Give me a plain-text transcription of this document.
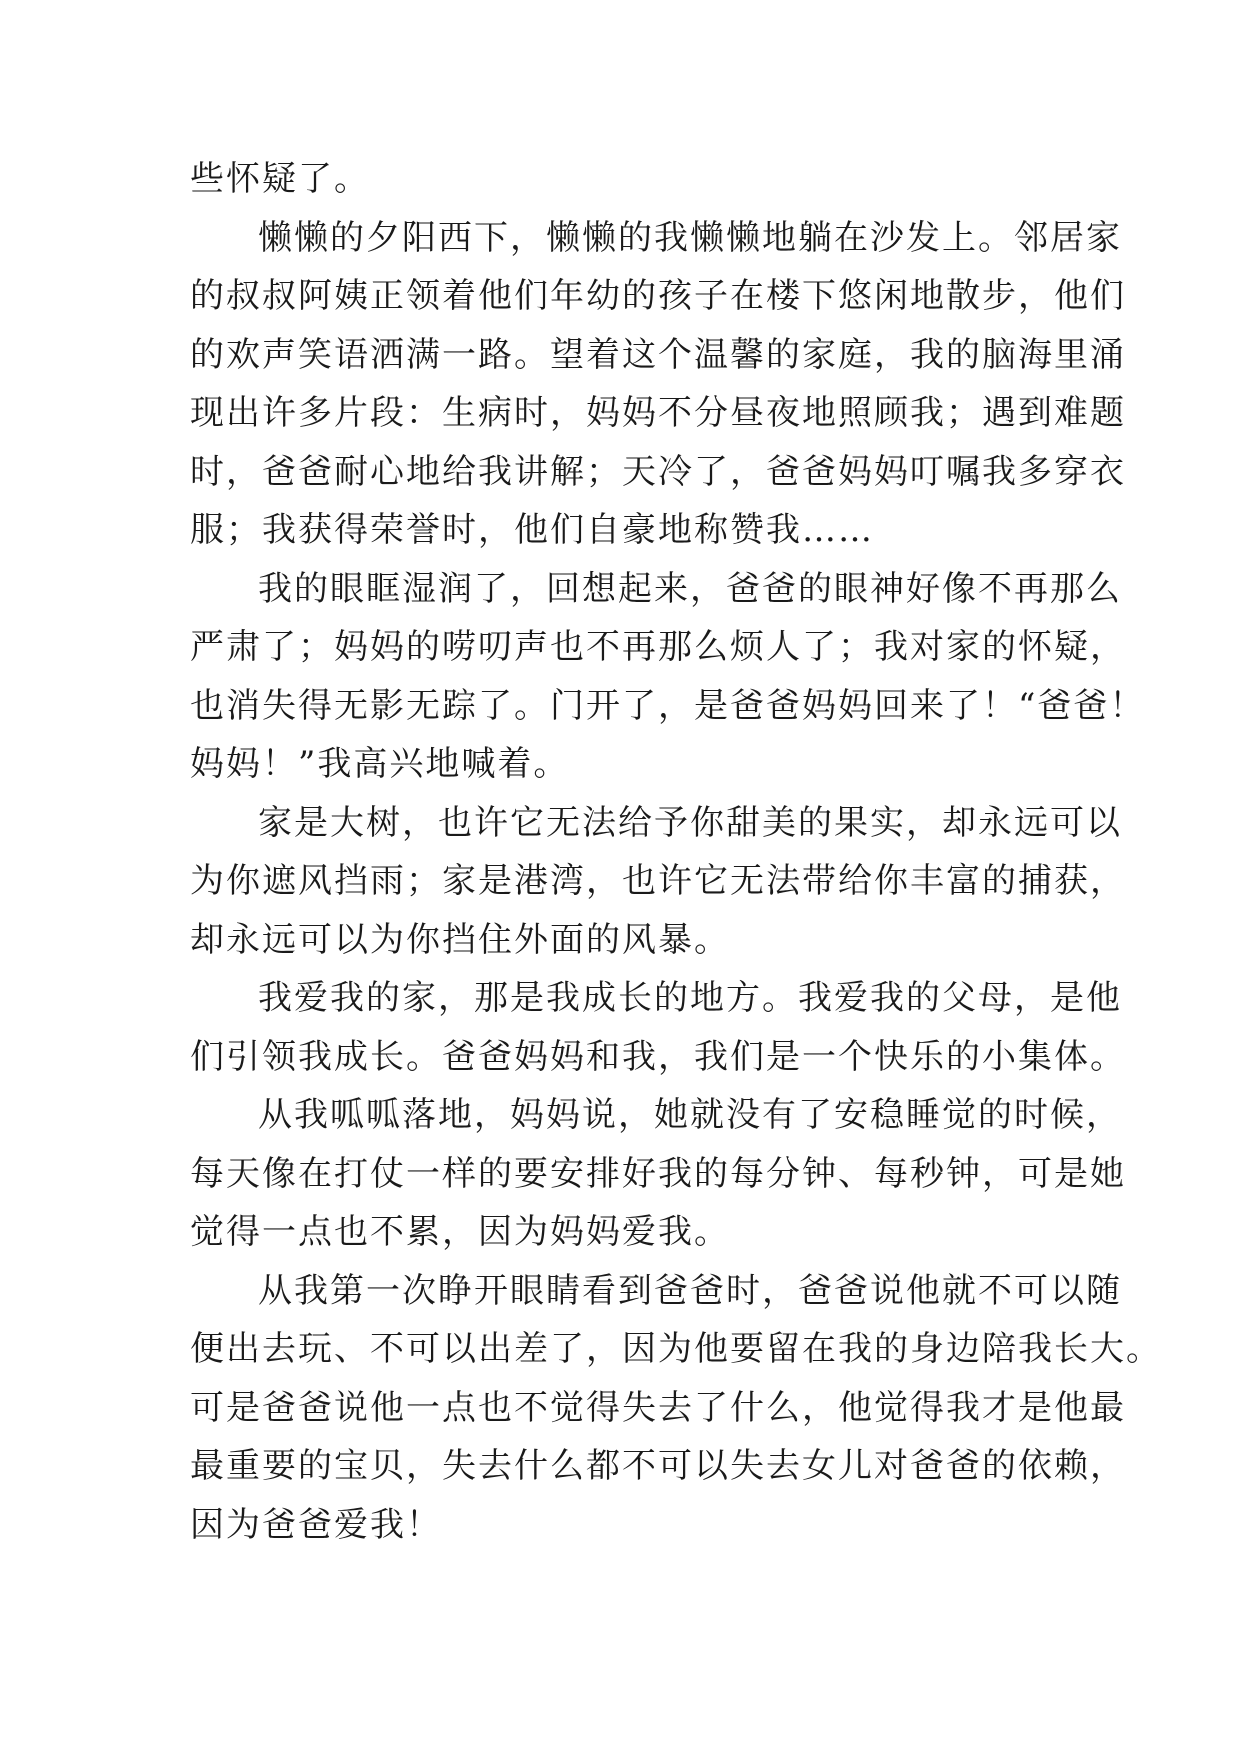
些怀疑了。
懒懒的夕阳西下，懒懒的我懒懒地躺在沙发上。邻居家
的叔叔阿姨正领着他们年幼的孩子在楼下悠闲地散步，他们
的欢声笑语洒满一路。望着这个温馨的家庭，我的脑海里涌
现出许多片段：生病时，妈妈不分昼夜地照顾我；遇到难题
时，爸爸耐心地给我讲解；天冷了，爸爸妈妈叮嘱我多穿衣
服；我获得荣誉时，他们自豪地称赞我……
我的眼眶湿润了，回想起来，爸爸的眼神好像不再那么
严肃了；妈妈的唠叨声也不再那么烦人了；我对家的怀疑，
也消失得无影无踪了。门开了，是爸爸妈妈回来了！“爸爸！
妈妈！”我高兴地喊着。
家是大树，也许它无法给予你甜美的果实，却永远可以
为你遮风挡雨；家是港湾，也许它无法带给你丰富的捕获，
却永远可以为你挡住外面的风暴。
我爱我的家，那是我成长的地方。我爱我的父母，是他
们引领我成长。爸爸妈妈和我，我们是一个快乐的小集体。
从我呱呱落地，妈妈说，她就没有了安稳睡觉的时候，
每天像在打仗一样的要安排好我的每分钟、每秒钟，可是她
觉得一点也不累，因为妈妈爱我。
从我第一次睁开眼睛看到爸爸时，爸爸说他就不可以随
便出去玩、不可以出差了，因为他要留在我的身边陪我长大。
可是爸爸说他一点也不觉得失去了什么，他觉得我才是他最
最重要的宝贝，失去什么都不可以失去女儿对爸爸的依赖，
因为爸爸爱我！
